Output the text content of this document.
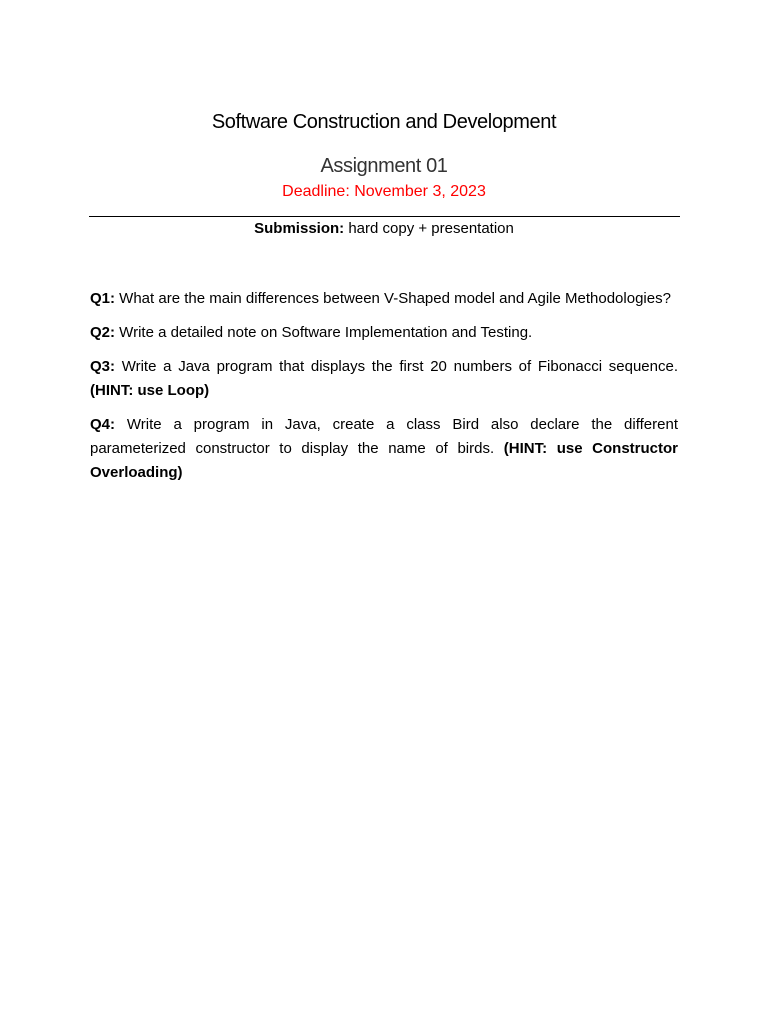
Software Construction and Development
Assignment 01
Deadline: November 3, 2023
Submission: hard copy + presentation

Q1: What are the main differences between V-Shaped model and Agile Methodologies?

Q2: Write a detailed note on Software Implementation and Testing.

Q3: Write a Java program that displays the first 20 numbers of Fibonacci sequence. (HINT: use Loop)

Q4: Write a program in Java, create a class Bird also declare the different parameterized constructor to display the name of birds. (HINT: use Constructor Overloading)
